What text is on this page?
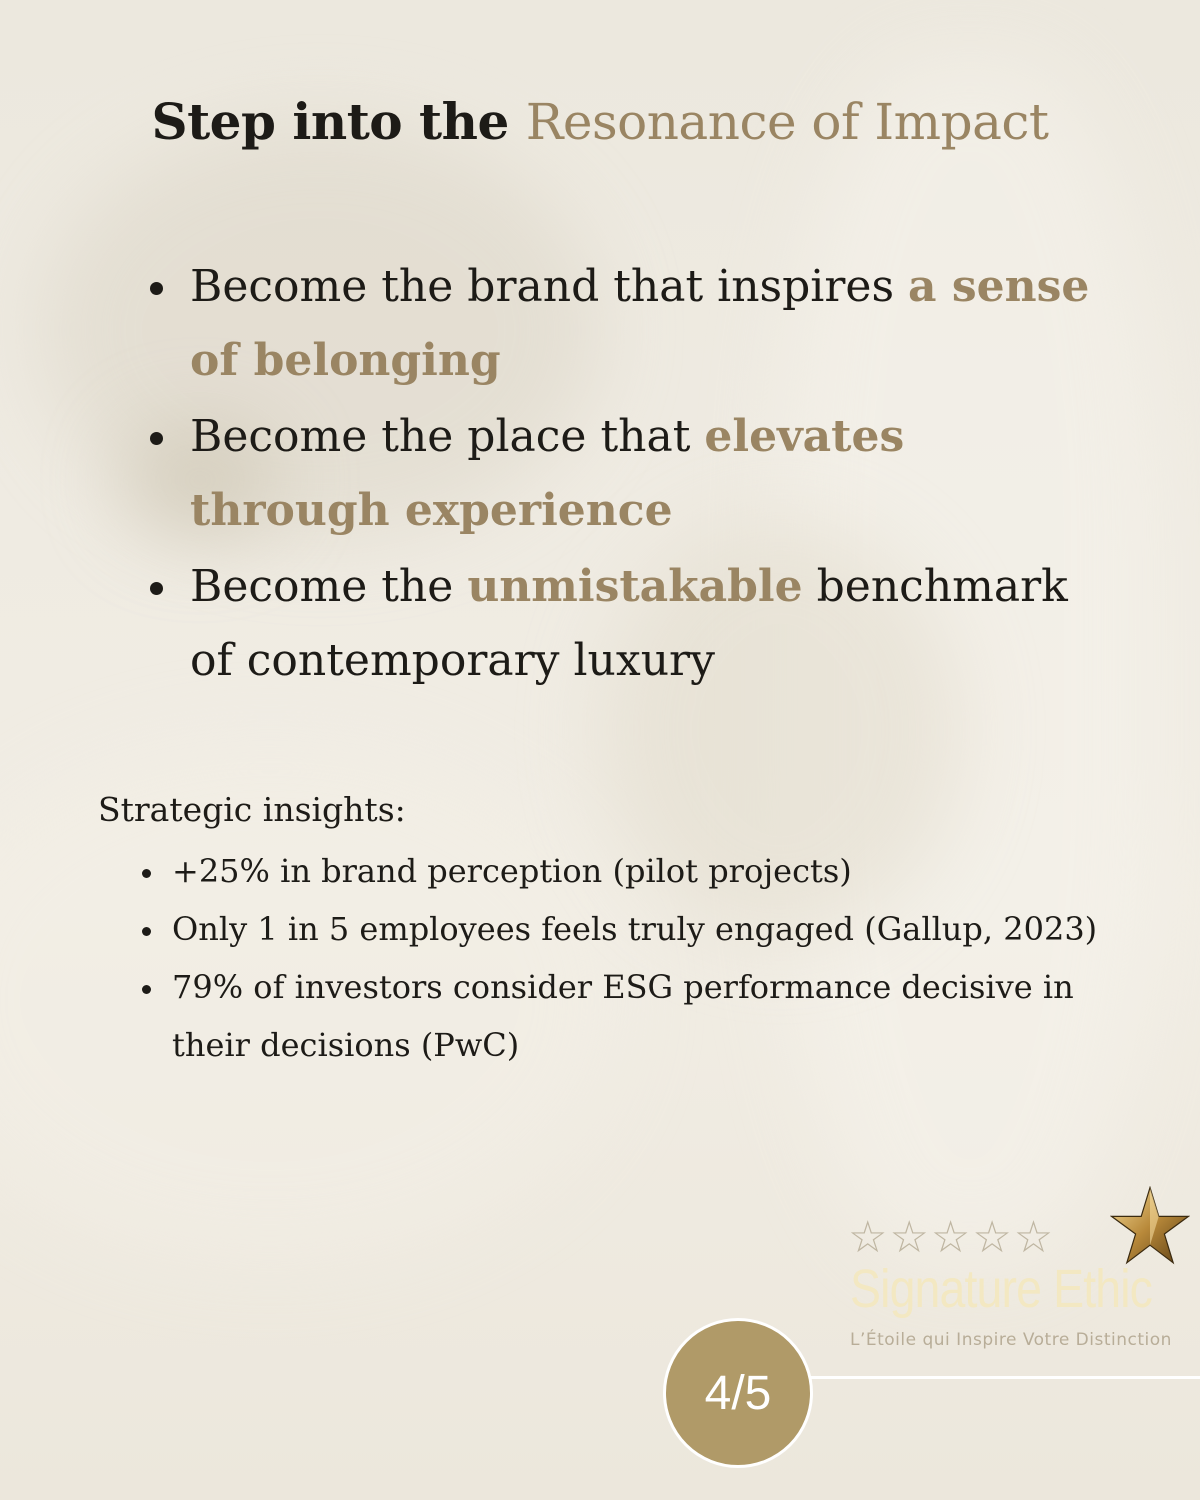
Step into the Resonance of Impact
Become the brand that inspires a sense of belonging
Become the place that elevates through experience
Become the unmistakable benchmark of contemporary luxury

Strategic insights:

+25% in brand perception (pilot projects)
Only 1 in 5 employees feels truly engaged (Gallup, 2023)
79% of investors consider ESG performance decisive in their decisions (PwC)
☆☆☆☆☆
Signature Ethic
L’Étoile qui Inspire Votre Distinction
4/5
